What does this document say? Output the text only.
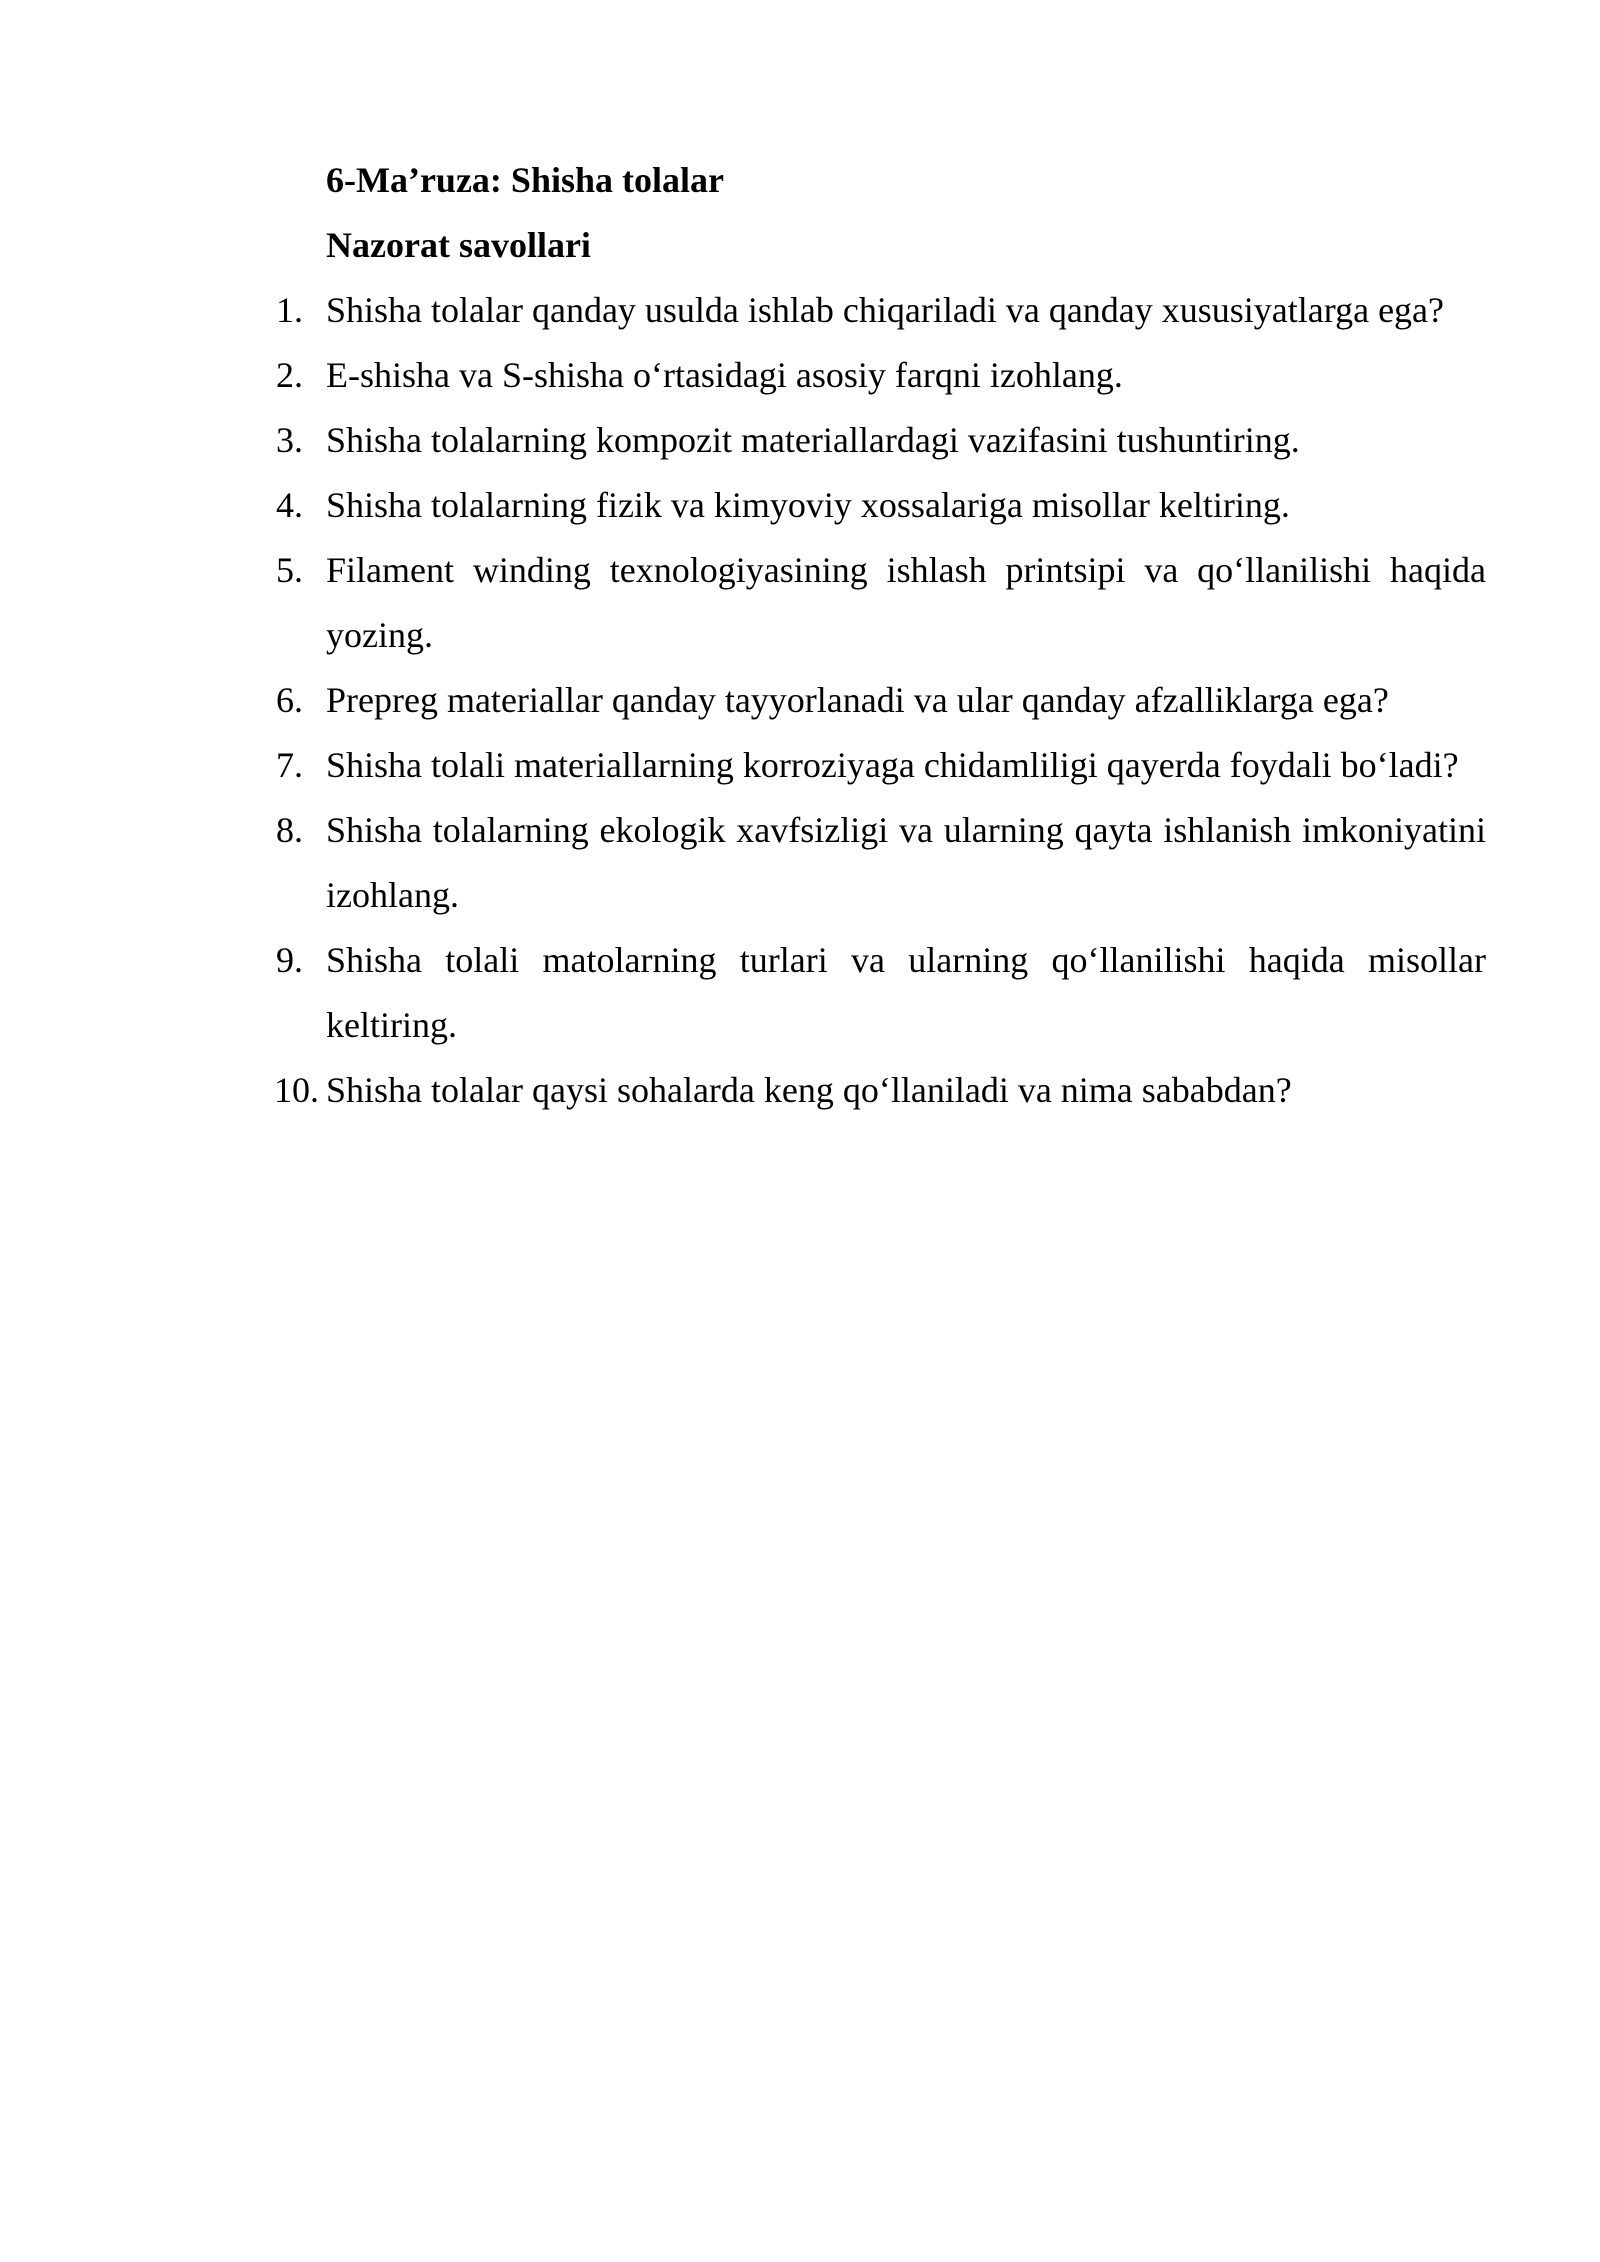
6-Ma’ruza: Shisha tolalar
Nazorat savollari
1. Shisha tolalar qanday usulda ishlab chiqariladi va qanday xususiyatlarga ega?
2. E-shisha va S-shisha o‘rtasidagi asosiy farqni izohlang.
3. Shisha tolalarning kompozit materiallardagi vazifasini tushuntiring.
4. Shisha tolalarning fizik va kimyoviy xossalariga misollar keltiring.
5. Filament winding texnologiyasining ishlash printsipi va qo‘llanilishi haqida yozing.
6. Prepreg materiallar qanday tayyorlanadi va ular qanday afzalliklarga ega?
7. Shisha tolali materiallarning korroziyaga chidamliligi qayerda foydali bo‘ladi?
8. Shisha tolalarning ekologik xavfsizligi va ularning qayta ishlanish imkoniyatini izohlang.
9. Shisha tolali matolarning turlari va ularning qo‘llanilishi haqida misollar keltiring.
10. Shisha tolalar qaysi sohalarda keng qo‘llaniladi va nima sababdan?
